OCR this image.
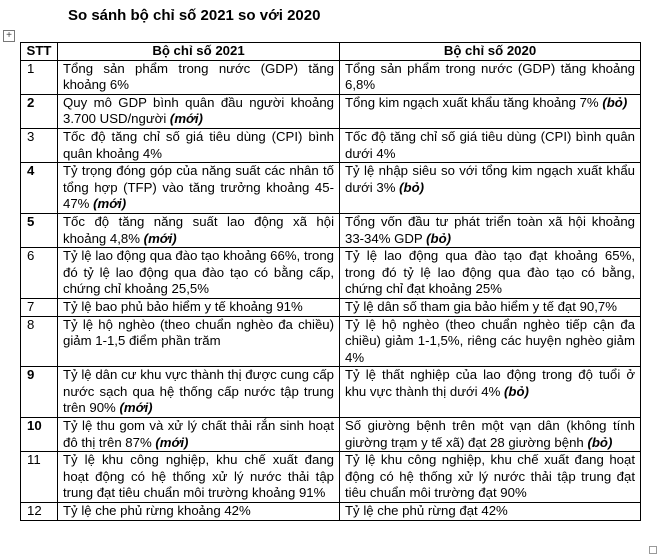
So sánh bộ chỉ số 2021 so với 2020
+
STT	Bộ chỉ số 2021	Bộ chỉ số 2020
1	Tổng sản phẩm trong nước (GDP) tăng khoảng 6%	Tổng sản phẩm trong nước (GDP) tăng khoảng 6,8%
2	Quy mô GDP bình quân đầu người khoảng 3.700 USD/người (mới)	Tổng kim ngạch xuất khẩu tăng khoảng 7% (bỏ)
3	Tốc độ tăng chỉ số giá tiêu dùng (CPI) bình quân khoảng 4%	Tốc độ tăng chỉ số giá tiêu dùng (CPI) bình quân dưới 4%
4	Tỷ trọng đóng góp của năng suất các nhân tố tổng hợp (TFP) vào tăng trưởng khoảng 45-47% (mới)	Tỷ lệ nhập siêu so với tổng kim ngạch xuất khẩu dưới 3% (bỏ)
5	Tốc độ tăng năng suất lao động xã hội khoảng 4,8% (mới)	Tổng vốn đầu tư phát triển toàn xã hội khoảng 33-34% GDP (bỏ)
6	Tỷ lệ lao động qua đào tạo khoảng 66%, trong đó tỷ lệ lao động qua đào tạo có bằng cấp, chứng chỉ khoảng 25,5%	Tỷ lệ lao động qua đào tạo đạt khoảng 65%, trong đó tỷ lệ lao động qua đào tạo có bằng, chứng chỉ đạt khoảng 25%
7	Tỷ lệ bao phủ bảo hiểm y tế khoảng 91%	Tỷ lệ dân số tham gia bảo hiểm y tế đạt 90,7%
8	Tỷ lệ hộ nghèo (theo chuẩn nghèo đa chiều) giảm 1-1,5 điểm phần trăm	Tỷ lệ hộ nghèo (theo chuẩn nghèo tiếp cận đa chiều) giảm 1-1,5%, riêng các huyện nghèo giảm 4%
9	Tỷ lệ dân cư khu vực thành thị được cung cấp nước sạch qua hệ thống cấp nước tập trung trên 90% (mới)	Tỷ lệ thất nghiệp của lao động trong độ tuổi ở khu vực thành thị dưới 4% (bỏ)
10	Tỷ lệ thu gom và xử lý chất thải rắn sinh hoạt đô thị trên 87% (mới)	Số giường bệnh trên một vạn dân (không tính giường trạm y tế xã) đạt 28 giường bệnh (bỏ)
11	Tỷ lệ khu công nghiệp, khu chế xuất đang hoạt động có hệ thống xử lý nước thải tập trung đạt tiêu chuẩn môi trường khoảng 91%	Tỷ lệ khu công nghiệp, khu chế xuất đang hoạt động có hệ thống xử lý nước thải tập trung đạt tiêu chuẩn môi trường đạt 90%
12	Tỷ lệ che phủ rừng khoảng 42%	Tỷ lệ che phủ rừng đạt 42%
